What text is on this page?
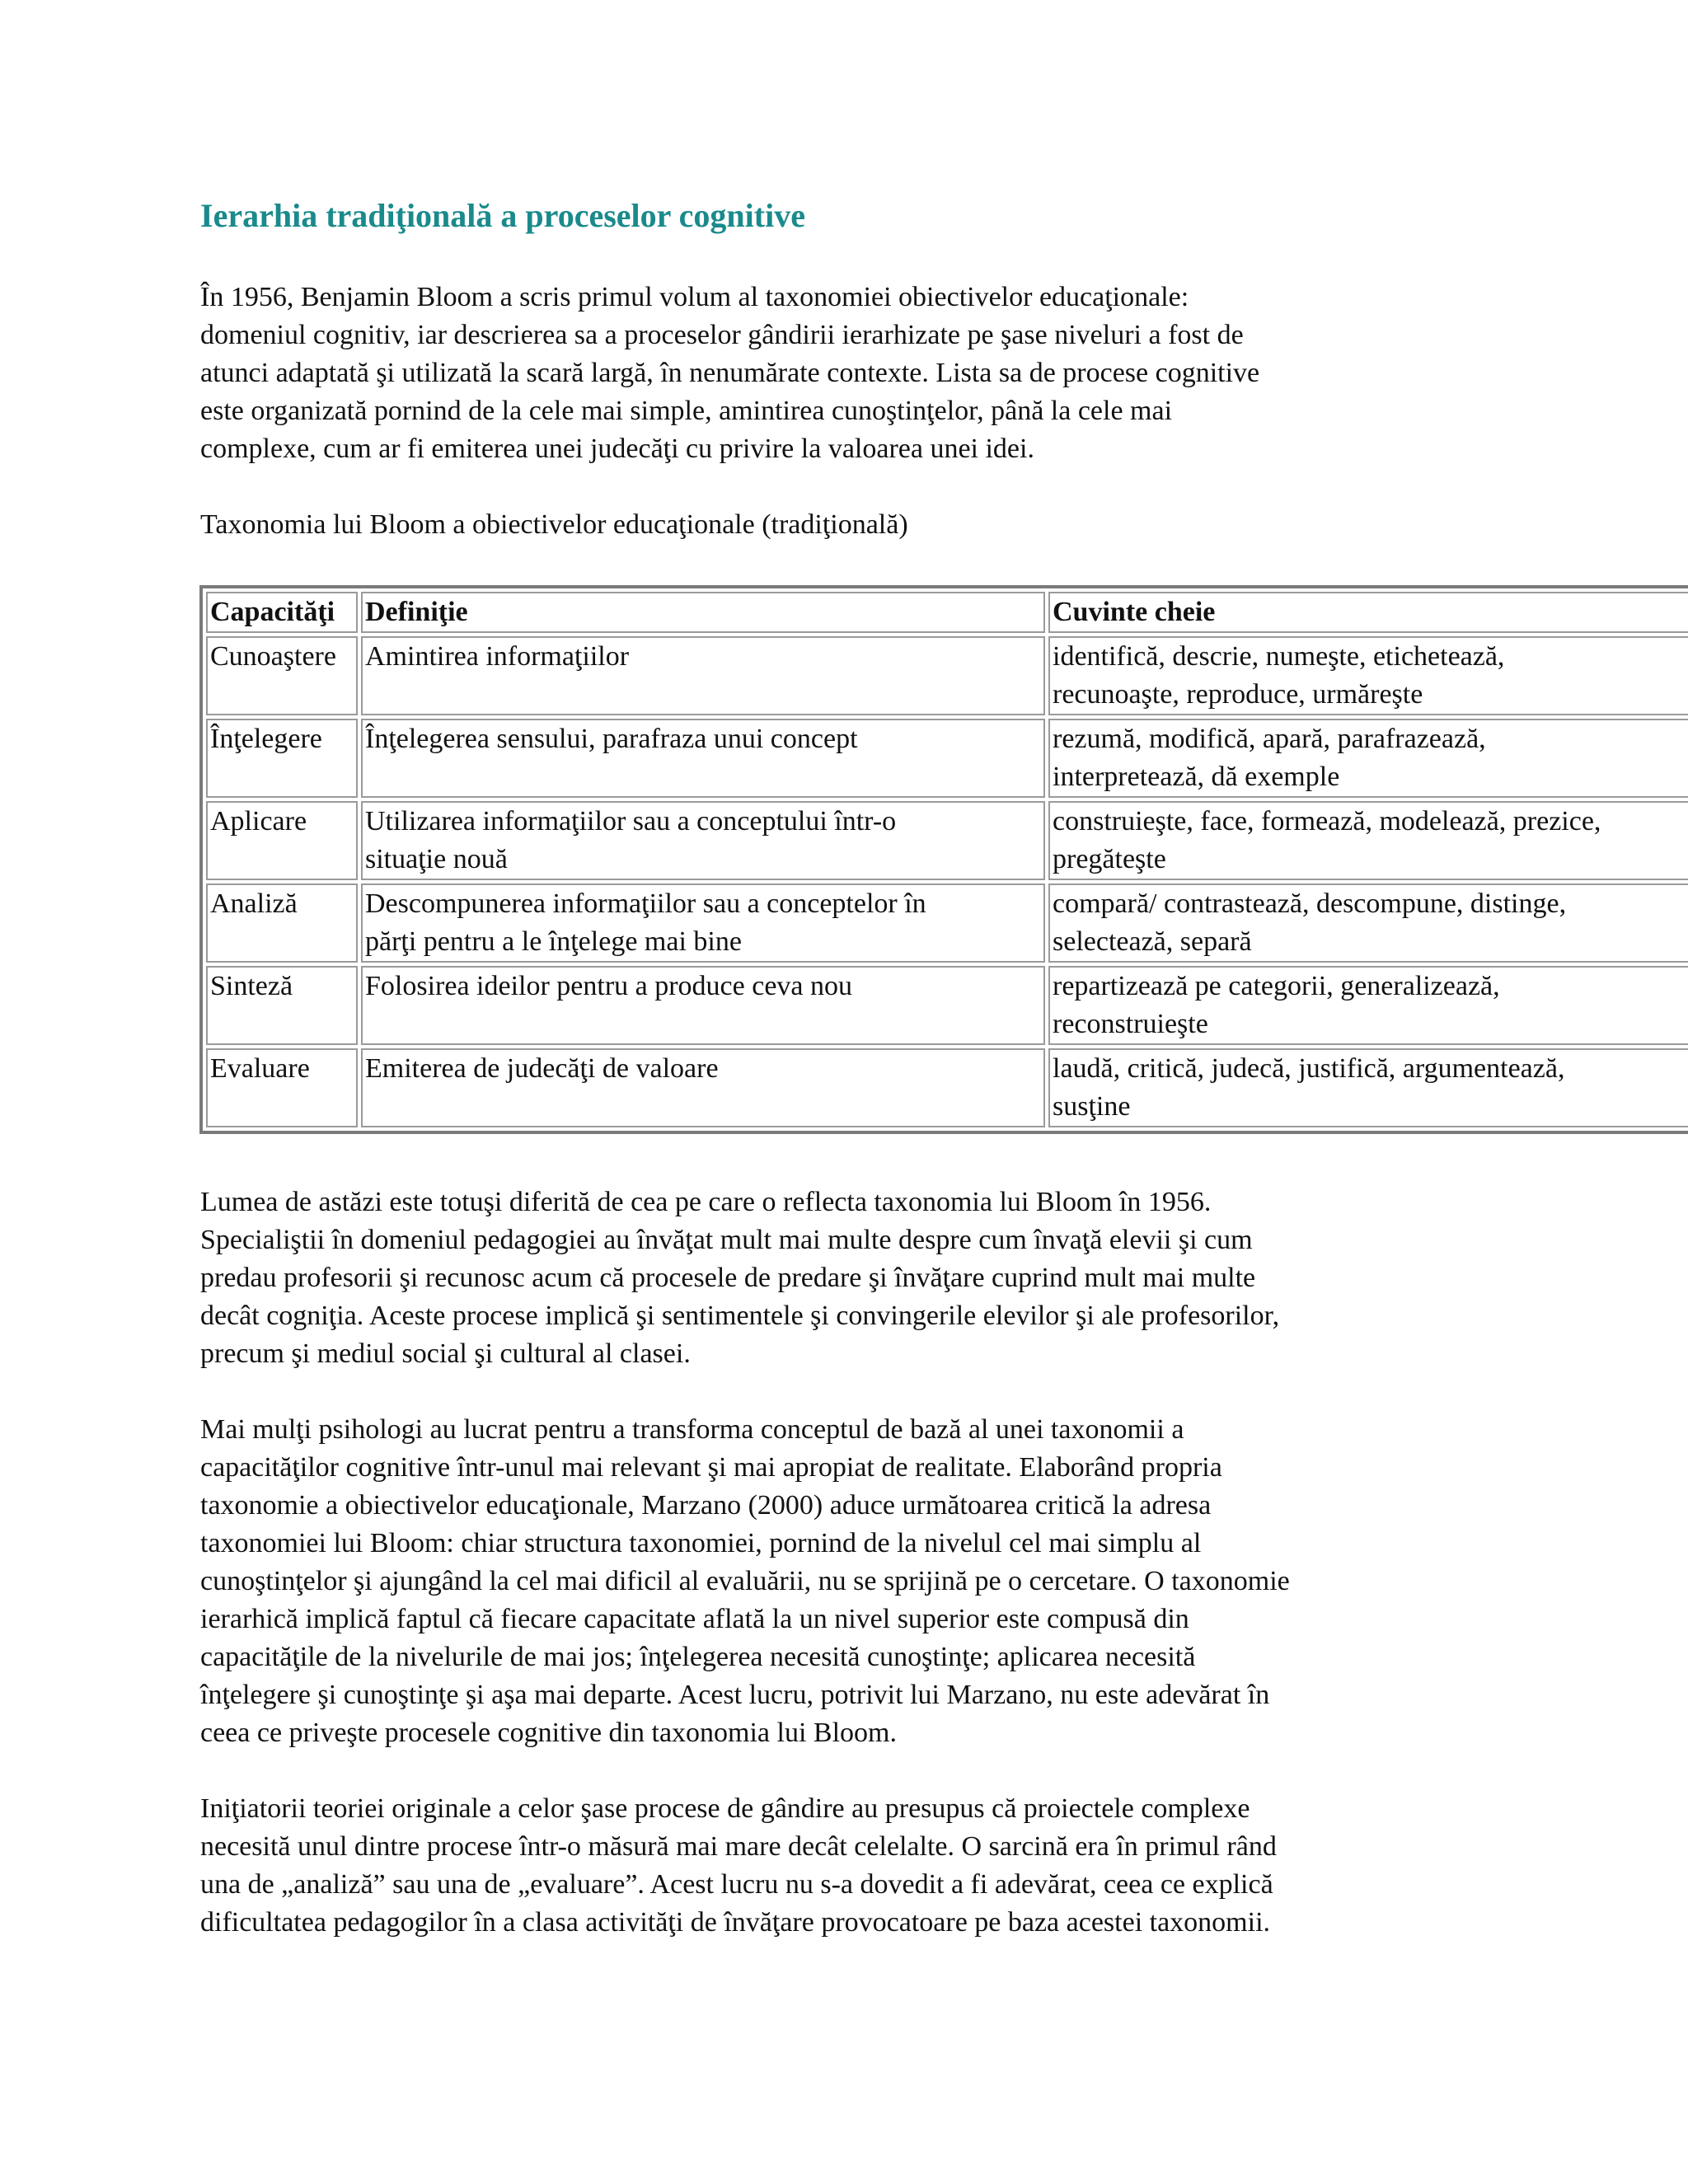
Ierarhia tradiţională a proceselor cognitive

În 1956, Benjamin Bloom a scris primul volum al taxonomiei obiectivelor educaţionale:
domeniul cognitiv, iar descrierea sa a proceselor gândirii ierarhizate pe şase niveluri a fost de
atunci adaptată şi utilizată la scară largă, în nenumărate contexte. Lista sa de procese cognitive
este organizată pornind de la cele mai simple, amintirea cunoştinţelor, până la cele mai
complexe, cum ar fi emiterea unei judecăţi cu privire la valoarea unei idei.

Taxonomia lui Bloom a obiectivelor educaţionale (tradiţională)

Capacităţi	Definiţie	Cuvinte cheie
Cunoaştere	Amintirea informaţiilor	identifică, descrie, numeşte, etichetează,
recunoaşte, reproduce, urmăreşte

Înţelegere	Înţelegerea sensului, parafraza unui concept	rezumă, modifică, apară, parafrazează,
interpretează, dă exemple

Aplicare	Utilizarea informaţiilor sau a conceptului într-o
situaţie nouă	construieşte, face, formează, modelează, prezice,
pregăteşte

Analiză	Descompunerea informaţiilor sau a conceptelor în
părţi pentru a le înţelege mai bine	compară/ contrastează, descompune, distinge,
selectează, separă

Sinteză	Folosirea ideilor pentru a produce ceva nou	repartizează pe categorii, generalizează,
reconstruieşte

Evaluare	Emiterea de judecăţi de valoare	laudă, critică, judecă, justifică, argumentează,
susţine

Lumea de astăzi este totuşi diferită de cea pe care o reflecta taxonomia lui Bloom în 1956.
Specialiştii în domeniul pedagogiei au învăţat mult mai multe despre cum învaţă elevii şi cum
predau profesorii şi recunosc acum că procesele de predare şi învăţare cuprind mult mai multe
decât cogniţia. Aceste procese implică şi sentimentele şi convingerile elevilor şi ale profesorilor,
precum şi mediul social şi cultural al clasei.

Mai mulţi psihologi au lucrat pentru a transforma conceptul de bază al unei taxonomii a
capacităţilor cognitive într-unul mai relevant şi mai apropiat de realitate. Elaborând propria
taxonomie a obiectivelor educaţionale, Marzano (2000) aduce următoarea critică la adresa
taxonomiei lui Bloom: chiar structura taxonomiei, pornind de la nivelul cel mai simplu al
cunoştinţelor şi ajungând la cel mai dificil al evaluării, nu se sprijină pe o cercetare. O taxonomie
ierarhică implică faptul că fiecare capacitate aflată la un nivel superior este compusă din
capacităţile de la nivelurile de mai jos; înţelegerea necesită cunoştinţe; aplicarea necesită
înţelegere şi cunoştinţe şi aşa mai departe. Acest lucru, potrivit lui Marzano, nu este adevărat în
ceea ce priveşte procesele cognitive din taxonomia lui Bloom.

Iniţiatorii teoriei originale a celor şase procese de gândire au presupus că proiectele complexe
necesită unul dintre procese într-o măsură mai mare decât celelalte. O sarcină era în primul rând
una de „analiză” sau una de „evaluare”. Acest lucru nu s-a dovedit a fi adevărat, ceea ce explică
dificultatea pedagogilor în a clasa activităţi de învăţare provocatoare pe baza acestei taxonomii.
